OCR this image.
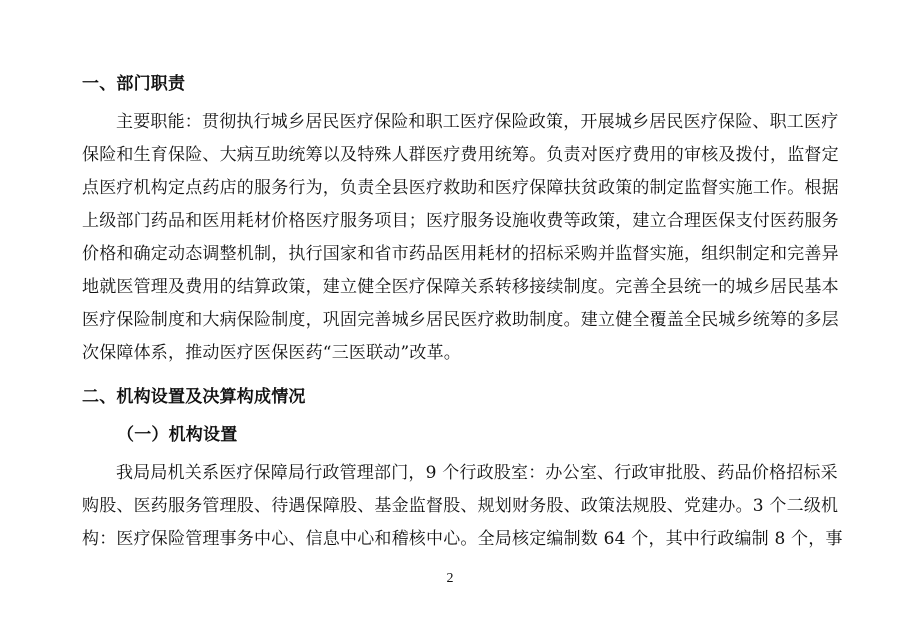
一、部门职责
主要职能：贯彻执行城乡居民医疗保险和职工医疗保险政策，开展城乡居民医疗保险、职工医疗
保险和生育保险、大病互助统筹以及特殊人群医疗费用统筹。负责对医疗费用的审核及拨付，监督定
点医疗机构定点药店的服务行为，负责全县医疗救助和医疗保障扶贫政策的制定监督实施工作。根据
上级部门药品和医用耗材价格医疗服务项目；医疗服务设施收费等政策，建立合理医保支付医药服务
价格和确定动态调整机制，执行国家和省市药品医用耗材的招标采购并监督实施，组织制定和完善异
地就医管理及费用的结算政策，建立健全医疗保障关系转移接续制度。完善全县统一的城乡居民基本
医疗保险制度和大病保险制度，巩固完善城乡居民医疗救助制度。建立健全覆盖全民城乡统筹的多层
次保障体系，推动医疗医保医药“三医联动”改革。
二、机构设置及决算构成情况
（一）机构设置
我局局机关系医疗保障局行政管理部门，9 个行政股室：办公室、行政审批股、药品价格招标采
购股、医药服务管理股、待遇保障股、基金监督股、规划财务股、政策法规股、党建办。3 个二级机
构：医疗保险管理事务中心、信息中心和稽核中心。全局核定编制数 64 个，其中行政编制 8 个，事
2
